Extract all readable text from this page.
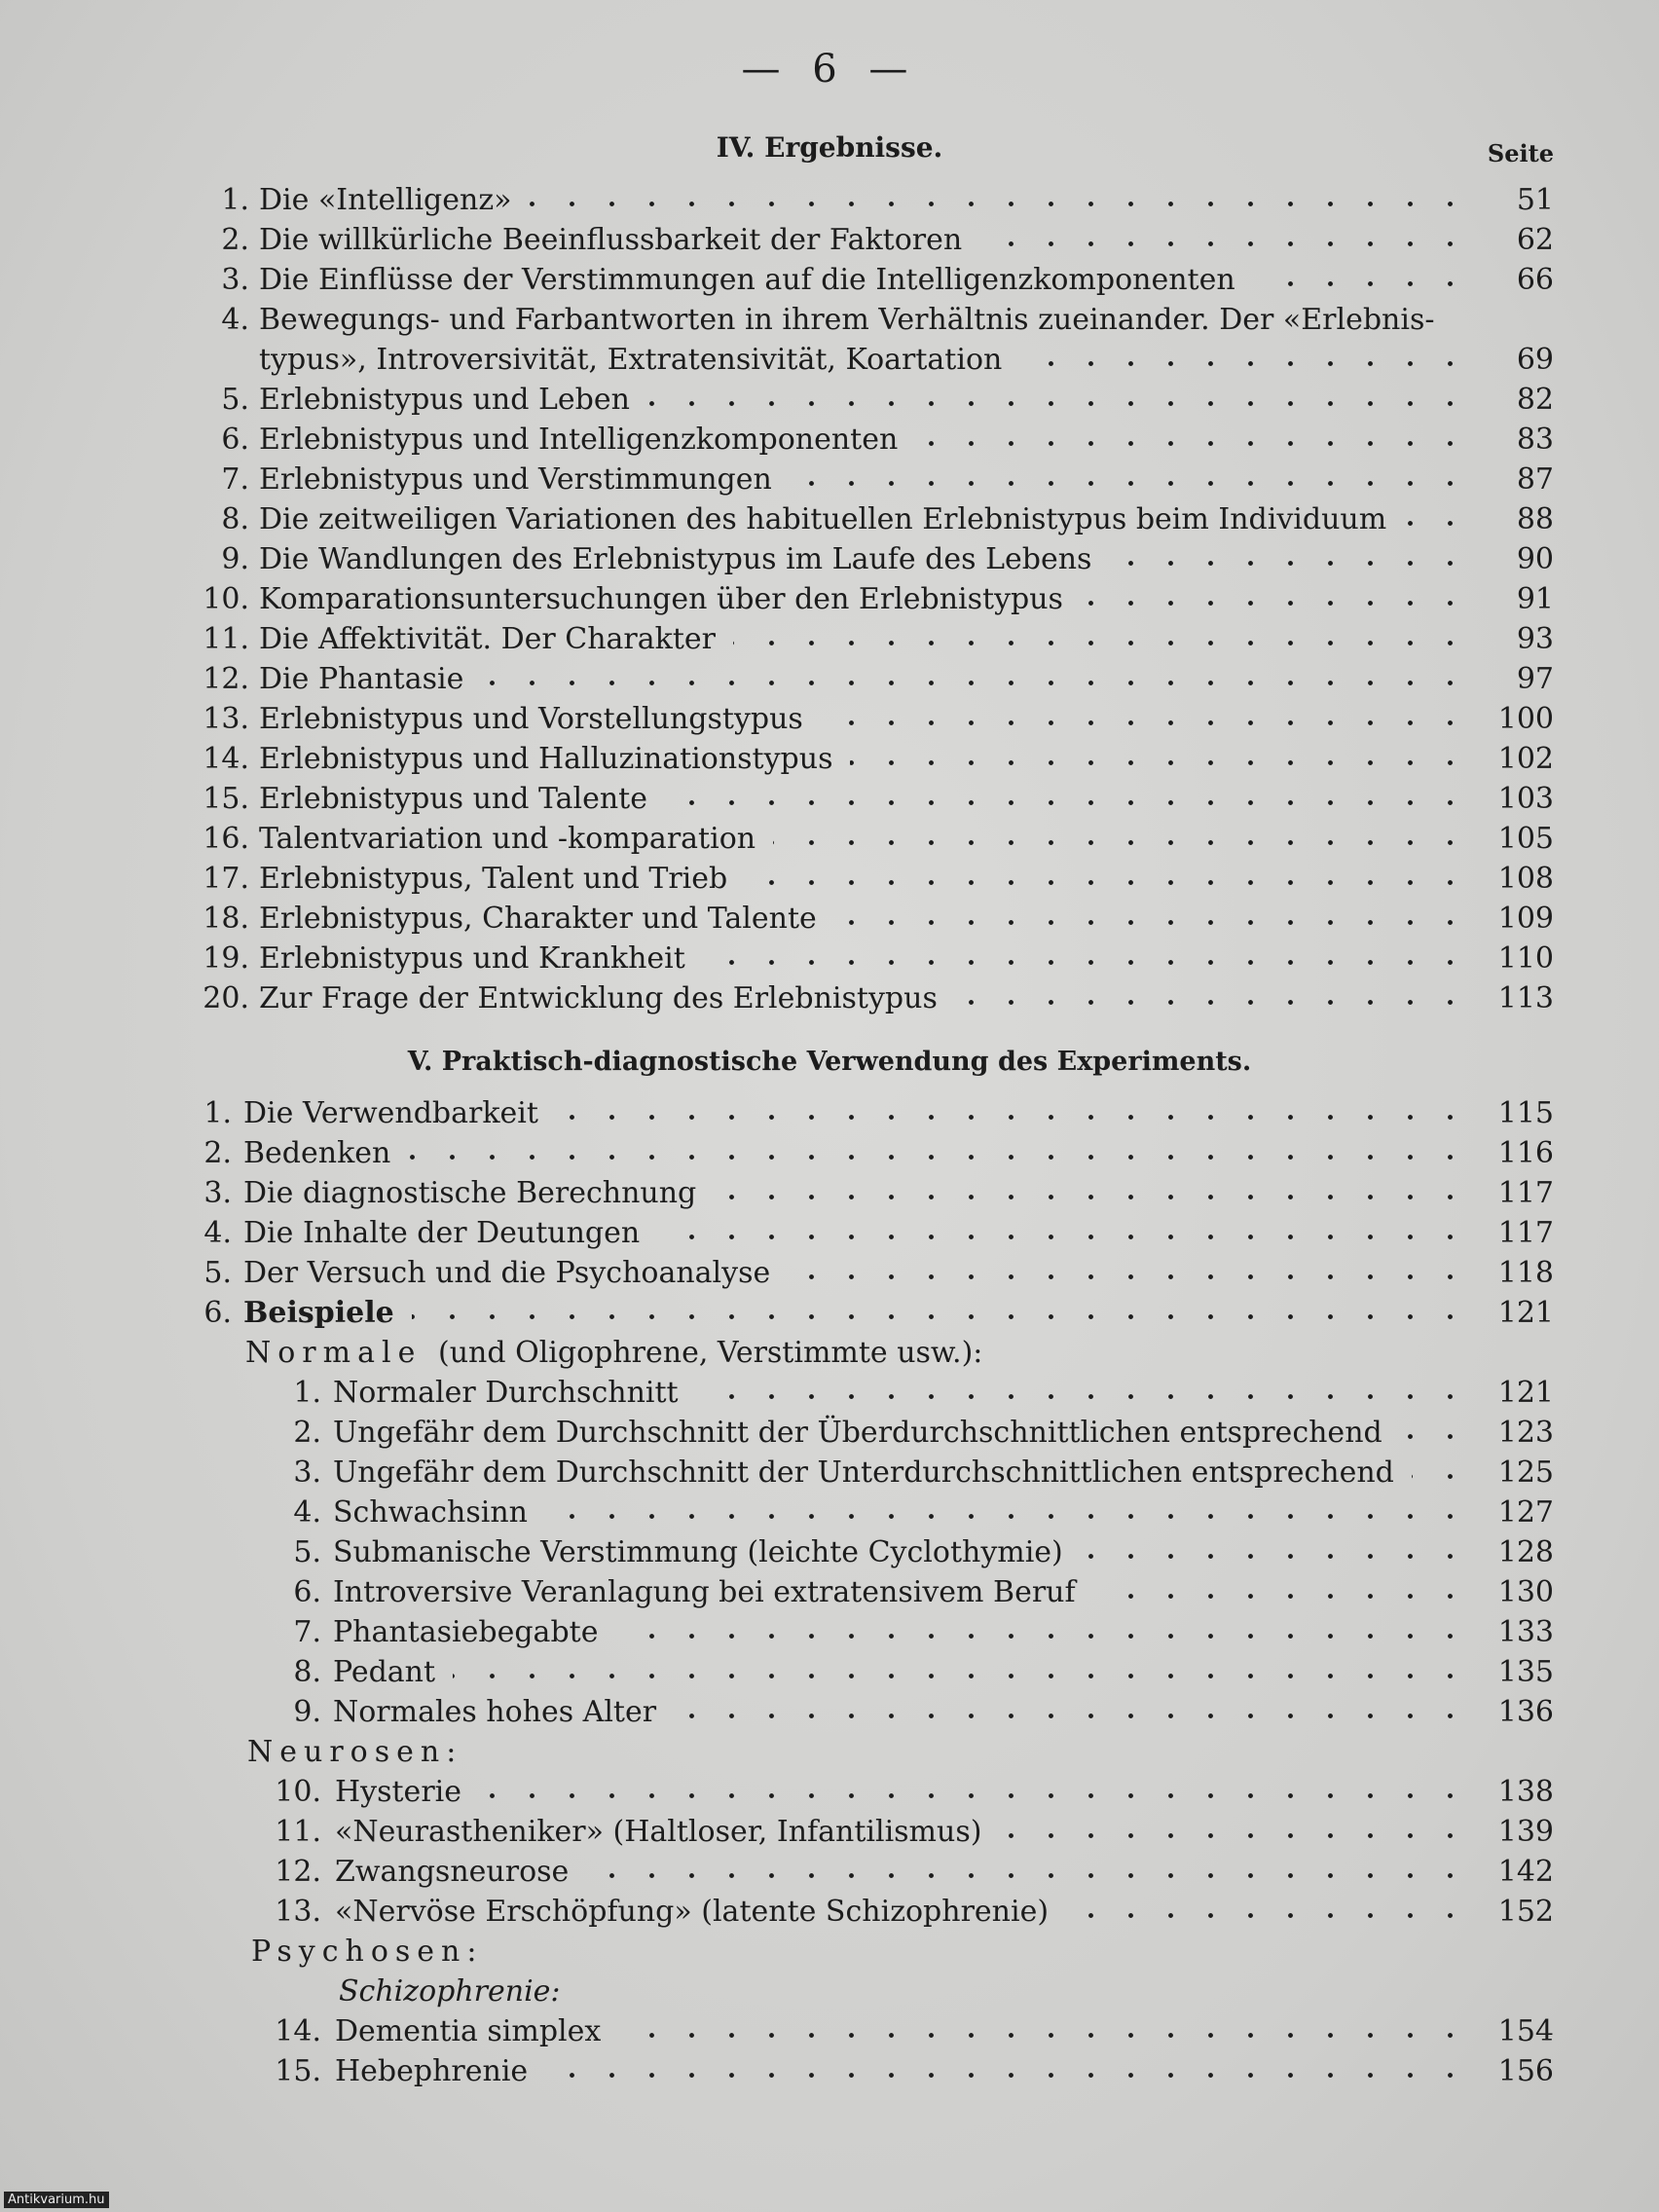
— 6 —
IV. Ergebnisse.	Seite
1. Die «Intelligenz»	51
2. Die willkürliche Beeinflussbarkeit der Faktoren	62
3. Die Einflüsse der Verstimmungen auf die Intelligenzkomponenten	66
4. Bewegungs- und Farbantworten in ihrem Verhältnis zueinander. Der «Erlebnis-
typus», Introversivität, Extratensivität, Koartation	69
5. Erlebnistypus und Leben	82
6. Erlebnistypus und Intelligenzkomponenten	83
7. Erlebnistypus und Verstimmungen	87
8. Die zeitweiligen Variationen des habituellen Erlebnistypus beim Individuum	88
9. Die Wandlungen des Erlebnistypus im Laufe des Lebens	90
10. Komparationsuntersuchungen über den Erlebnistypus	91
11. Die Affektivität. Der Charakter	93
12. Die Phantasie	97
13. Erlebnistypus und Vorstellungstypus	100
14. Erlebnistypus und Halluzinationstypus	102
15. Erlebnistypus und Talente	103
16. Talentvariation und -komparation	105
17. Erlebnistypus, Talent und Trieb	108
18. Erlebnistypus, Charakter und Talente	109
19. Erlebnistypus und Krankheit	110
20. Zur Frage der Entwicklung des Erlebnistypus	113
V. Praktisch-diagnostische Verwendung des Experiments.
1. Die Verwendbarkeit	115
2. Bedenken	116
3. Die diagnostische Berechnung	117
4. Die Inhalte der Deutungen	117
5. Der Versuch und die Psychoanalyse	118
6. Beispiele	121
Normale (und Oligophrene, Verstimmte usw.):
1. Normaler Durchschnitt	121
2. Ungefähr dem Durchschnitt der Überdurchschnittlichen entsprechend	123
3. Ungefähr dem Durchschnitt der Unterdurchschnittlichen entsprechend	125
4. Schwachsinn	127
5. Submanische Verstimmung (leichte Cyclothymie)	128
6. Introversive Veranlagung bei extratensivem Beruf	130
7. Phantasiebegabte	133
8. Pedant	135
9. Normales hohes Alter	136
Neurosen:
10. Hysterie	138
11. «Neurastheniker» (Haltloser, Infantilismus)	139
12. Zwangsneurose	142
13. «Nervöse Erschöpfung» (latente Schizophrenie)	152
Psychosen:
Schizophrenie:
14. Dementia simplex	154
15. Hebephrenie	156
Antikvarium.hu
